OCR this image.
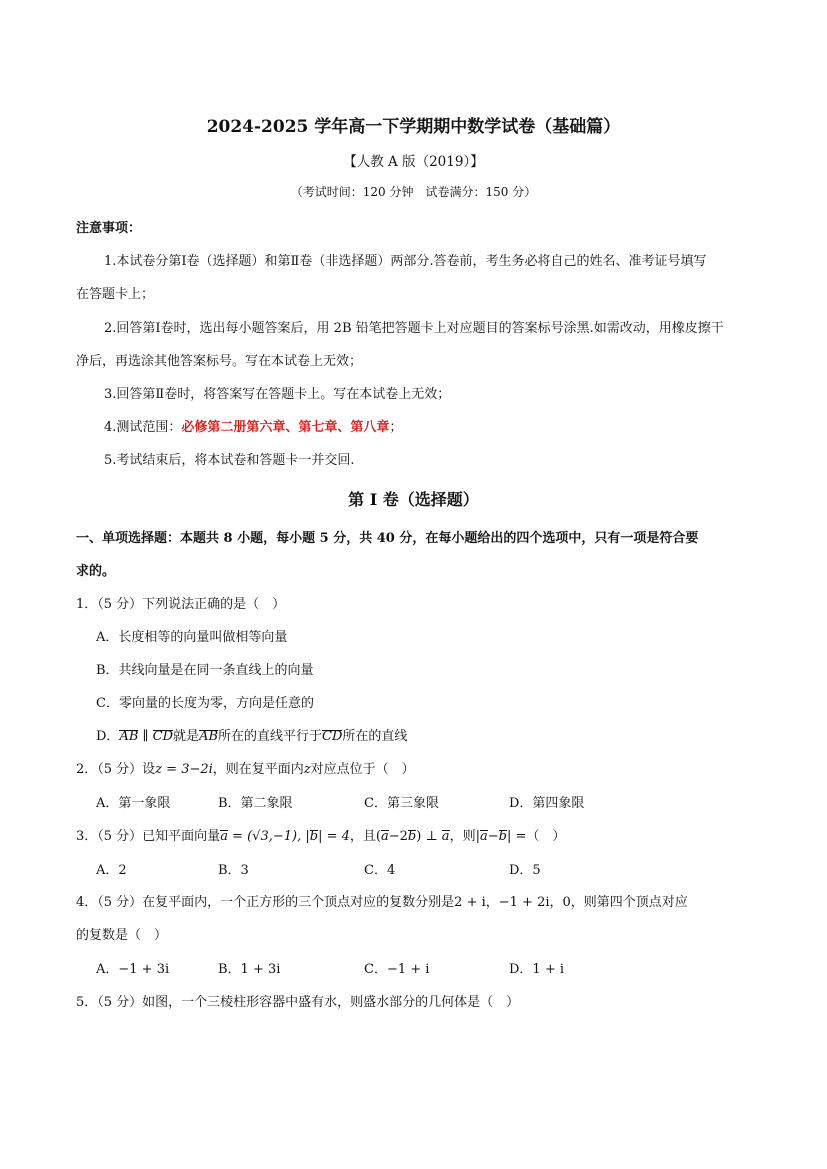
2024-2025 学年高一下学期期中数学试卷（基础篇）
【人教 A 版（2019）】
（考试时间：120 分钟　试卷满分：150 分）
注意事项：
1.本试卷分第Ⅰ卷（选择题）和第Ⅱ卷（非选择题）两部分.答卷前，考生务必将自己的姓名、准考证号填写
在答题卡上；
2.回答第Ⅰ卷时，选出每小题答案后，用 2B 铅笔把答题卡上对应题目的答案标号涂黑.如需改动，用橡皮擦干
净后，再选涂其他答案标号。写在本试卷上无效；
3.回答第Ⅱ卷时，将答案写在答题卡上。写在本试卷上无效；
4.测试范围：必修第二册第六章、第七章、第八章；
5.考试结束后，将本试卷和答题卡一并交回.
第 I 卷（选择题）
一、单项选择题：本题共 8 小题，每小题 5 分，共 40 分，在每小题给出的四个选项中，只有一项是符合要
求的。
1．（5 分）下列说法正确的是（　）
A．长度相等的向量叫做相等向量
B．共线向量是在同一条直线上的向量
C．零向量的长度为零，方向是任意的
D．AB ∥ CD就是AB所在的直线平行于CD所在的直线
2．（5 分）设z = 3−2i，则在复平面内z对应点位于（　）
A．第一象限	B．第二象限	C．第三象限	D．第四象限
3．（5 分）已知平面向量a = (√3,−1), |b| = 4，且(a−2b) ⊥ a，则|a−b| =（　）
A．2	B．3	C．4	D．5
4．（5 分）在复平面内，一个正方形的三个顶点对应的复数分别是2 + i，−1 + 2i，0，则第四个顶点对应
的复数是（　）
A．−1 + 3i	B．1 + 3i	C．−1 + i	D．1 + i
5．（5 分）如图，一个三棱柱形容器中盛有水，则盛水部分的几何体是（　）
